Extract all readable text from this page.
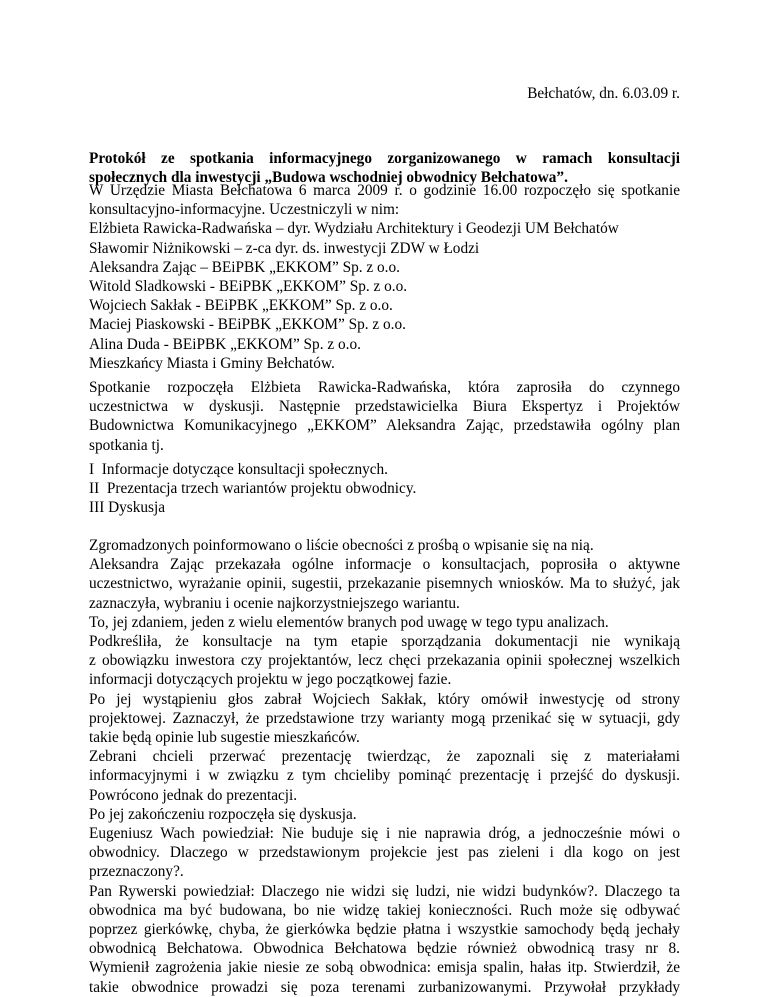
Bełchatów, dn. 6.03.09 r.
Protokół ze spotkania informacyjnego zorganizowanego w ramach konsultacji
społecznych dla inwestycji „Budowa wschodniej obwodnicy Bełchatowa”.
W Urzędzie Miasta Bełchatowa 6 marca 2009 r. o godzinie 16.00 rozpoczęło się spotkanie
konsultacyjno-informacyjne. Uczestniczyli w nim:
Elżbieta Rawicka-Radwańska – dyr. Wydziału Architektury i Geodezji UM Bełchatów
Sławomir Niżnikowski – z-ca dyr. ds. inwestycji ZDW w Łodzi
Aleksandra Zając – BEiPBK „EKKOM” Sp. z o.o.
Witold Sladkowski - BEiPBK „EKKOM” Sp. z o.o.
Wojciech Sakłak - BEiPBK „EKKOM” Sp. z o.o.
Maciej Piaskowski - BEiPBK „EKKOM” Sp. z o.o.
Alina Duda - BEiPBK „EKKOM” Sp. z o.o.
Mieszkańcy Miasta i Gminy Bełchatów.
Spotkanie rozpoczęła Elżbieta Rawicka-Radwańska, która zaprosiła do czynnego
uczestnictwa w dyskusji. Następnie przedstawicielka Biura Ekspertyz i Projektów
Budownictwa Komunikacyjnego „EKKOM” Aleksandra Zając, przedstawiła ogólny plan
spotkania tj.
I  Informacje dotyczące konsultacji społecznych.
II  Prezentacja trzech wariantów projektu obwodnicy.
III Dyskusja
Zgromadzonych poinformowano o liście obecności z prośbą o wpisanie się na nią.
Aleksandra Zając przekazała ogólne informacje o konsultacjach, poprosiła o aktywne
uczestnictwo, wyrażanie opinii, sugestii, przekazanie pisemnych wniosków. Ma to służyć, jak
zaznaczyła, wybraniu i ocenie najkorzystniejszego wariantu.
To, jej zdaniem, jeden z wielu elementów branych pod uwagę w tego typu analizach.
Podkreśliła, że konsultacje na tym etapie sporządzania dokumentacji nie wynikają
z obowiązku inwestora czy projektantów, lecz chęci przekazania opinii społecznej wszelkich
informacji dotyczących projektu w jego początkowej fazie.
Po jej wystąpieniu głos zabrał Wojciech Sakłak, który omówił inwestycję od strony
projektowej. Zaznaczył, że przedstawione trzy warianty mogą przenikać się w sytuacji, gdy
takie będą opinie lub sugestie mieszkańców.
Zebrani chcieli przerwać prezentację twierdząc, że zapoznali się z materiałami
informacyjnymi i w związku z tym chcieliby pominąć prezentację i przejść do dyskusji.
Powrócono jednak do prezentacji.
Po jej zakończeniu rozpoczęła się dyskusja.
Eugeniusz Wach powiedział: Nie buduje się i nie naprawia dróg, a jednocześnie mówi o
obwodnicy. Dlaczego w przedstawionym projekcie jest pas zieleni i dla kogo on jest
przeznaczony?.
Pan Rywerski powiedział: Dlaczego nie widzi się ludzi, nie widzi budynków?. Dlaczego ta
obwodnica ma być budowana, bo nie widzę takiej konieczności. Ruch może się odbywać
poprzez gierkówkę, chyba, że gierkówka będzie płatna i wszystkie samochody będą jechały
obwodnicą Bełchatowa. Obwodnica Bełchatowa będzie również obwodnicą trasy nr 8.
Wymienił zagrożenia jakie niesie ze sobą obwodnica: emisja spalin, hałas itp. Stwierdził, że
takie obwodnice prowadzi się poza terenami zurbanizowanymi. Przywołał przykłady
